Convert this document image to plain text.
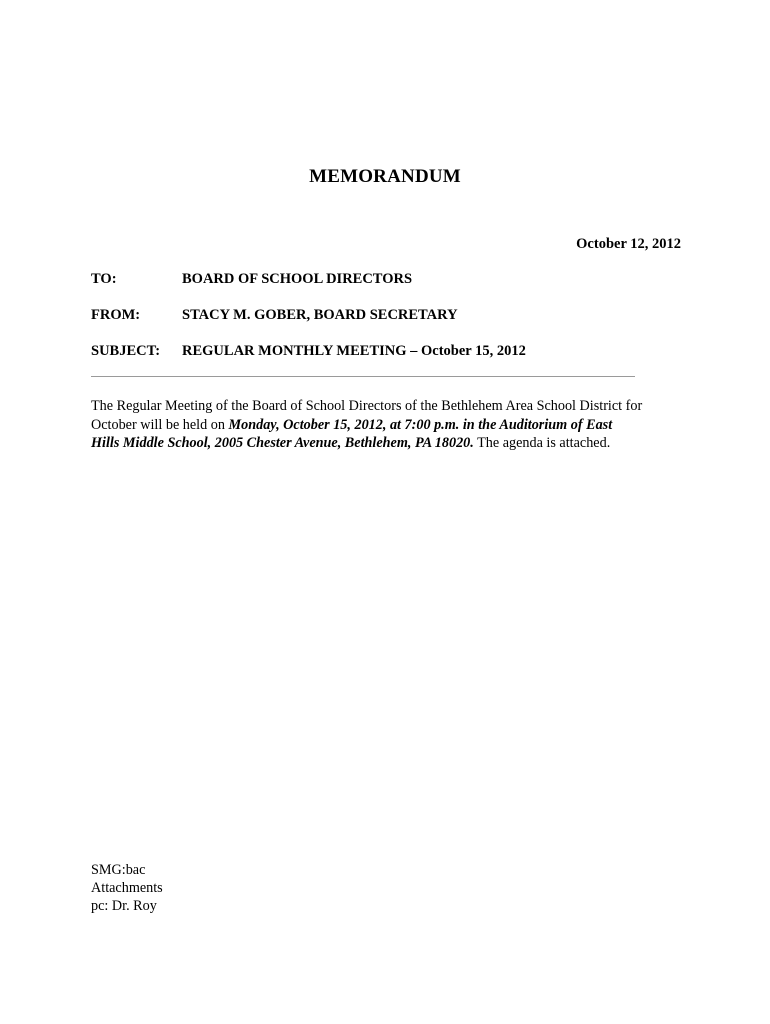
MEMORANDUM
October 12, 2012
TO:	BOARD OF SCHOOL DIRECTORS
FROM:	STACY M. GOBER, BOARD SECRETARY
SUBJECT: REGULAR MONTHLY MEETING – October 15, 2012
The Regular Meeting of the Board of School Directors of the Bethlehem Area School District for
October will be held on Monday, October 15, 2012, at 7:00 p.m. in the Auditorium of East
Hills Middle School, 2005 Chester Avenue, Bethlehem, PA 18020. The agenda is attached.
SMG:bac
Attachments
pc: Dr. Roy
